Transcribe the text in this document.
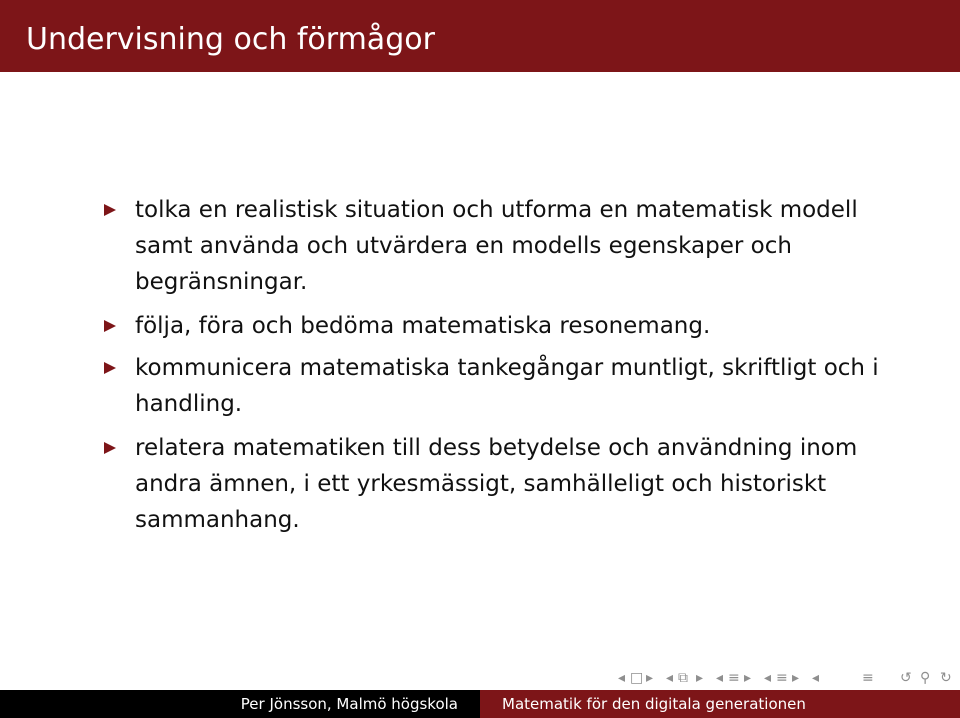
Undervisning och förmågor
tolka en realistisk situation och utforma en matematisk modell samt använda och utvärdera en modells egenskaper och begränsningar.
följa, föra och bedöma matematiska resonemang.
kommunicera matematiska tankegångar muntligt, skriftligt och i handling.
relatera matematiken till dess betydelse och användning inom andra ämnen, i ett yrkesmässigt, samhälleligt och historiskt sammanhang.
◂ □ ▸ ◂ ⧉ ▸ ◂ ≡ ▸ ◂ ≡ ▸ ◂	≡ ↺ ⚲ ↻
Per Jönsson, Malmö högskola	Matematik för den digitala generationen
